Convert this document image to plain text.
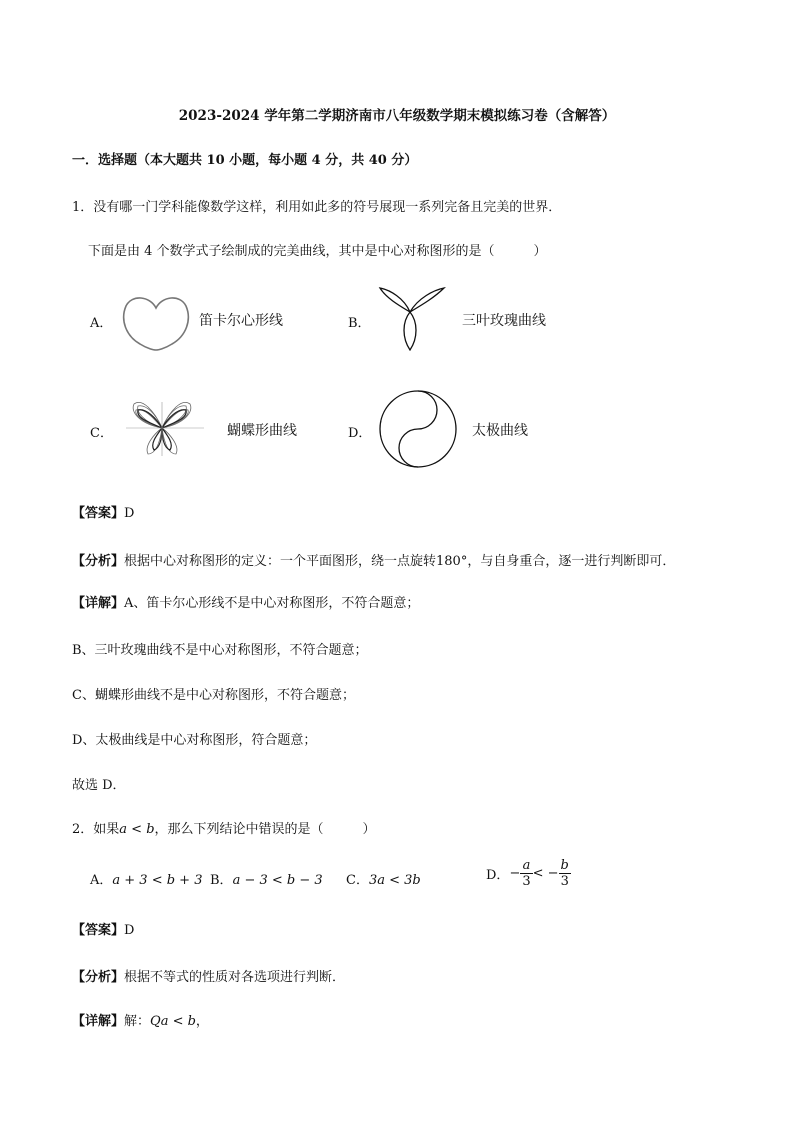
2023-2024 学年第二学期济南市八年级数学期末模拟练习卷（含解答）
一．选择题（本大题共 10 小题，每小题 4 分，共 40 分）
1．没有哪一门学科能像数学这样，利用如此多的符号展现一系列完备且完美的世界．
下面是由 4 个数学式子绘制成的完美曲线，其中是中心对称图形的是（　　　）
A．	笛卡尔心形线	B．	三叶玫瑰曲线
C．	蝴蝶形曲线	D．	太极曲线
【答案】D
【分析】根据中心对称图形的定义：一个平面图形，绕一点旋转180°，与自身重合，逐一进行判断即可．
【详解】A、笛卡尔心形线不是中心对称图形，不符合题意；
B、三叶玫瑰曲线不是中心对称图形，不符合题意；
C、蝴蝶形曲线不是中心对称图形，不符合题意；
D、太极曲线是中心对称图形，符合题意；
故选 D．
2．如果a < b，那么下列结论中错误的是（　　　）
A．a + 3 < b + 3 B．a − 3 < b − 3 C．3a < 3b	D．− $\frac{a}{3}$ < − $\frac{b}{3}$
【答案】D
【分析】根据不等式的性质对各选项进行判断．
【详解】解：Qa < b，
